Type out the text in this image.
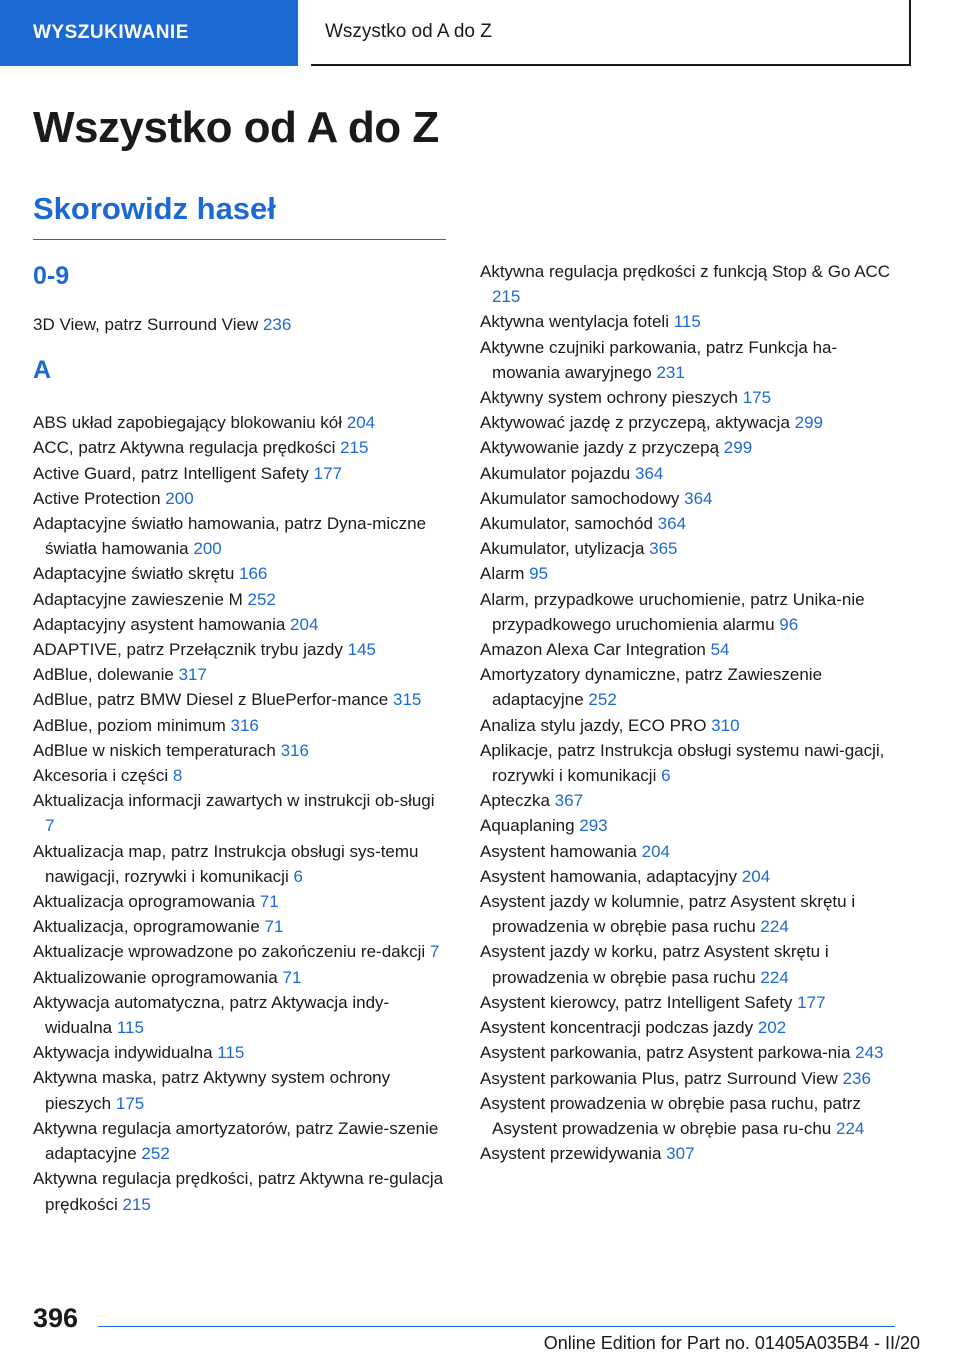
WYSZUKIWANIE	Wszystko od A do Z
Wszystko od A do Z
Skorowidz haseł
0-9
3D View, patrz Surround View 236
A
ABS układ zapobiegający blokowaniu kół 204
ACC, patrz Aktywna regulacja prędkości 215
Active Guard, patrz Intelligent Safety 177
Active Protection 200
Adaptacyjne światło hamowania, patrz Dyna-miczne światła hamowania 200
Adaptacyjne światło skrętu 166
Adaptacyjne zawieszenie M 252
Adaptacyjny asystent hamowania 204
ADAPTIVE, patrz Przełącznik trybu jazdy 145
AdBlue, dolewanie 317
AdBlue, patrz BMW Diesel z BluePerfor-mance 315
AdBlue, poziom minimum 316
AdBlue w niskich temperaturach 316
Akcesoria i części 8
Aktualizacja informacji zawartych w instrukcji ob-sługi 7
Aktualizacja map, patrz Instrukcja obsługi sys-temu nawigacji, rozrywki i komunikacji 6
Aktualizacja oprogramowania 71
Aktualizacja, oprogramowanie 71
Aktualizacje wprowadzone po zakończeniu re-dakcji 7
Aktualizowanie oprogramowania 71
Aktywacja automatyczna, patrz Aktywacja indy-widualna 115
Aktywacja indywidualna 115
Aktywna maska, patrz Aktywny system ochrony pieszych 175
Aktywna regulacja amortyzatorów, patrz Zawie-szenie adaptacyjne 252
Aktywna regulacja prędkości, patrz Aktywna re-gulacja prędkości 215
Aktywna regulacja prędkości z funkcją Stop & Go ACC 215
Aktywna wentylacja foteli 115
Aktywne czujniki parkowania, patrz Funkcja ha-mowania awaryjnego 231
Aktywny system ochrony pieszych 175
Aktywować jazdę z przyczepą, aktywacja 299
Aktywowanie jazdy z przyczepą 299
Akumulator pojazdu 364
Akumulator samochodowy 364
Akumulator, samochód 364
Akumulator, utylizacja 365
Alarm 95
Alarm, przypadkowe uruchomienie, patrz Unika-nie przypadkowego uruchomienia alarmu 96
Amazon Alexa Car Integration 54
Amortyzatory dynamiczne, patrz Zawieszenie adaptacyjne 252
Analiza stylu jazdy, ECO PRO 310
Aplikacje, patrz Instrukcja obsługi systemu nawi-gacji, rozrywki i komunikacji 6
Apteczka 367
Aquaplaning 293
Asystent hamowania 204
Asystent hamowania, adaptacyjny 204
Asystent jazdy w kolumnie, patrz Asystent skrętu i prowadzenia w obrębie pasa ruchu 224
Asystent jazdy w korku, patrz Asystent skrętu i prowadzenia w obrębie pasa ruchu 224
Asystent kierowcy, patrz Intelligent Safety 177
Asystent koncentracji podczas jazdy 202
Asystent parkowania, patrz Asystent parkowa-nia 243
Asystent parkowania Plus, patrz Surround View 236
Asystent prowadzenia w obrębie pasa ruchu, patrz Asystent prowadzenia w obrębie pasa ru-chu 224
Asystent przewidywania 307
396
Online Edition for Part no. 01405A035B4 - II/20
